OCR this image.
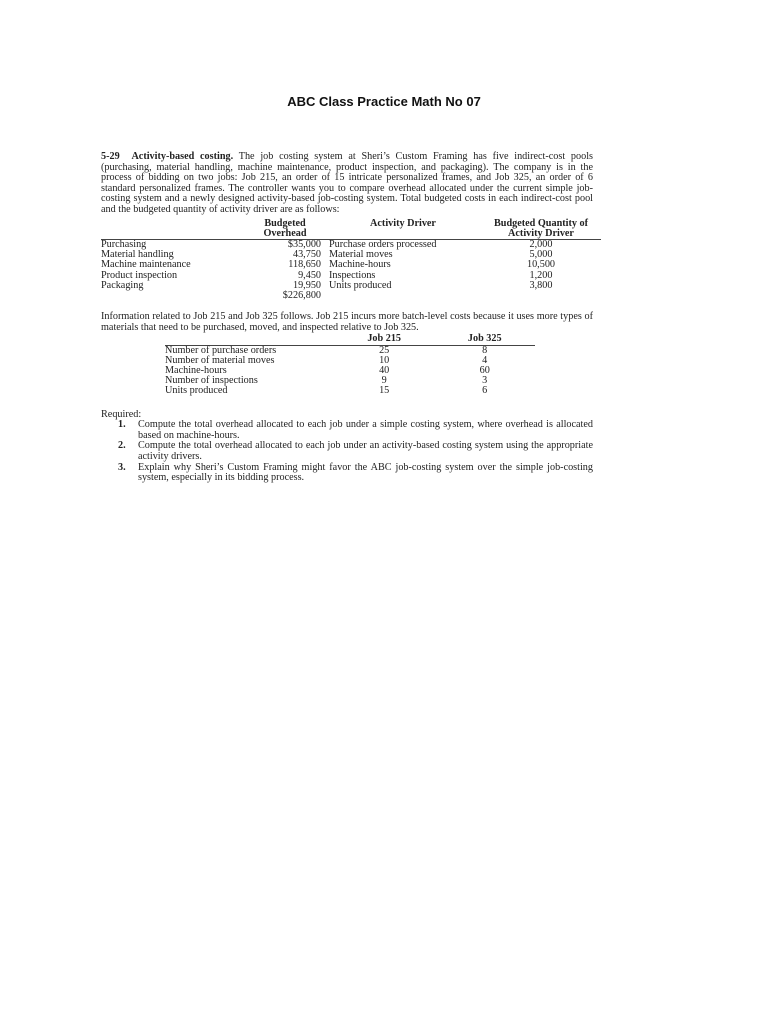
ABC Class Practice Math No 07
5-29 Activity-based costing. The job costing system at Sheri’s Custom Framing has five indirect-cost pools (purchasing, material handling, machine maintenance, product inspection, and packaging). The company is in the process of bidding on two jobs: Job 215, an order of 15 intricate personalized frames, and Job 325, an order of 6 standard personalized frames. The controller wants you to compare overhead allocated under the current simple job-costing system and a newly designed activity-based job-costing system. Total budgeted costs in each indirect-cost pool and the budgeted quantity of activity driver are as follows:
	Budgeted Overhead	Activity Driver	Budgeted Quantity of Activity Driver
Purchasing	$35,000	Purchase orders processed	2,000
Material handling	43,750	Material moves	5,000
Machine maintenance	118,650	Machine-hours	10,500
Product inspection	9,450	Inspections	1,200
Packaging	19,950	Units produced	3,800
	$226,800		
Information related to Job 215 and Job 325 follows. Job 215 incurs more batch-level costs because it uses more types of materials that need to be purchased, moved, and inspected relative to Job 325.
	Job 215	Job 325
Number of purchase orders	25	8
Number of material moves	10	4
Machine-hours	40	60
Number of inspections	9	3
Units produced	15	6
Required:
1. Compute the total overhead allocated to each job under a simple costing system, where overhead is allocated based on machine-hours.
2. Compute the total overhead allocated to each job under an activity-based costing system using the appropriate activity drivers.
3. Explain why Sheri’s Custom Framing might favor the ABC job-costing system over the simple job-costing system, especially in its bidding process.
